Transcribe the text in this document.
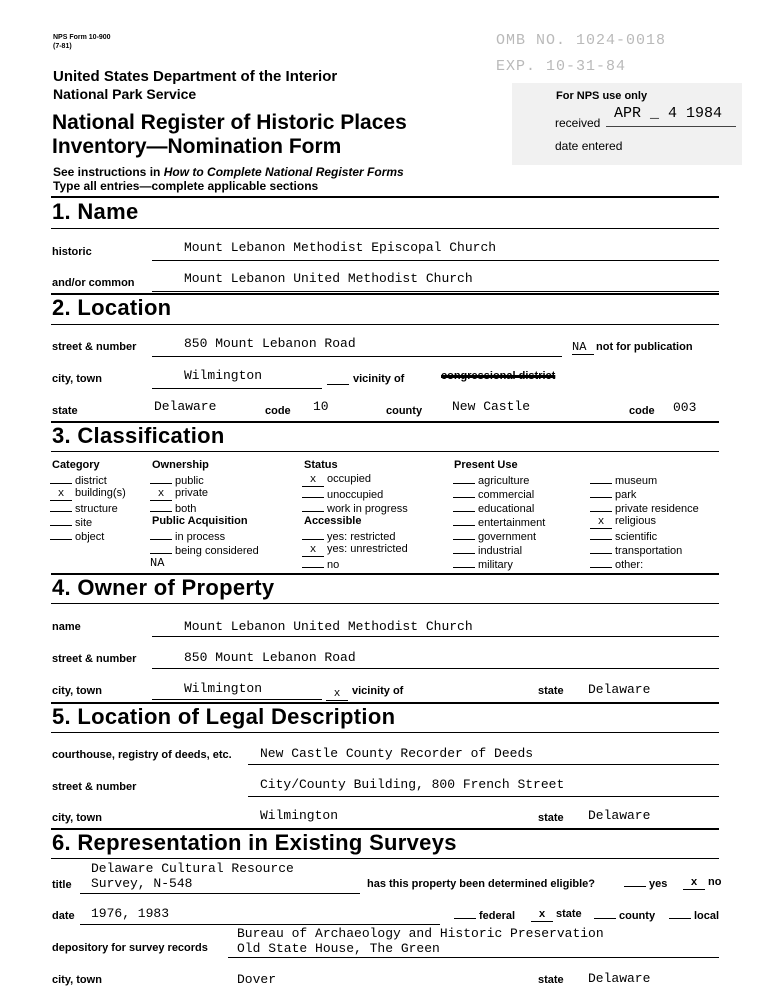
NPS Form 10-900
(7-81)	OMB NO. 1024-0018
EXP. 10-31-84
United States Department of the Interior
National Park Service
National Register of Historic Places
Inventory—Nomination Form
See instructions in How to Complete National Register Forms
Type all entries—complete applicable sections
For NPS use only
received
APR _ 4 1984
date entered
1. Name
historic	Mount Lebanon Methodist Episcopal Church
and/or common	Mount Lebanon United Methodist Church
2. Location
street & number	850 Mount Lebanon Road	NA not for publication
city, town	Wilmington	vicinity of	congressional district
state	Delaware	code 10	county New Castle	code 003
3. Classification
Category
district
x building(s)
structure
site
object
Ownership
public
x private
both
Public Acquisition
in process
being considered
NA
Status
x occupied
unoccupied
work in progress
Accessible
yes: restricted
x yes: unrestricted
no
Present Use
agriculture
commercial
educational
entertainment
government
industrial
military
museum
park
private residence
x religious
scientific
transportation
other:
4. Owner of Property
name	Mount Lebanon United Methodist Church
street & number	850 Mount Lebanon Road
city, town	Wilmington	x	vicinity of	state Delaware
5. Location of Legal Description
courthouse, registry of deeds, etc. New Castle County Recorder of Deeds
street & number	City/County Building, 800 French Street
city, town	Wilmington	state Delaware
6. Representation in Existing Surveys
title
Delaware Cultural Resource
Survey, N-548	has this property been determined eligible?	yes	x no
date 1976, 1983	federal	x state	county	local
depository for survey records
Bureau of Archaeology and Historic Preservation
Old State House, The Green
city, town	Dover	state Delaware
